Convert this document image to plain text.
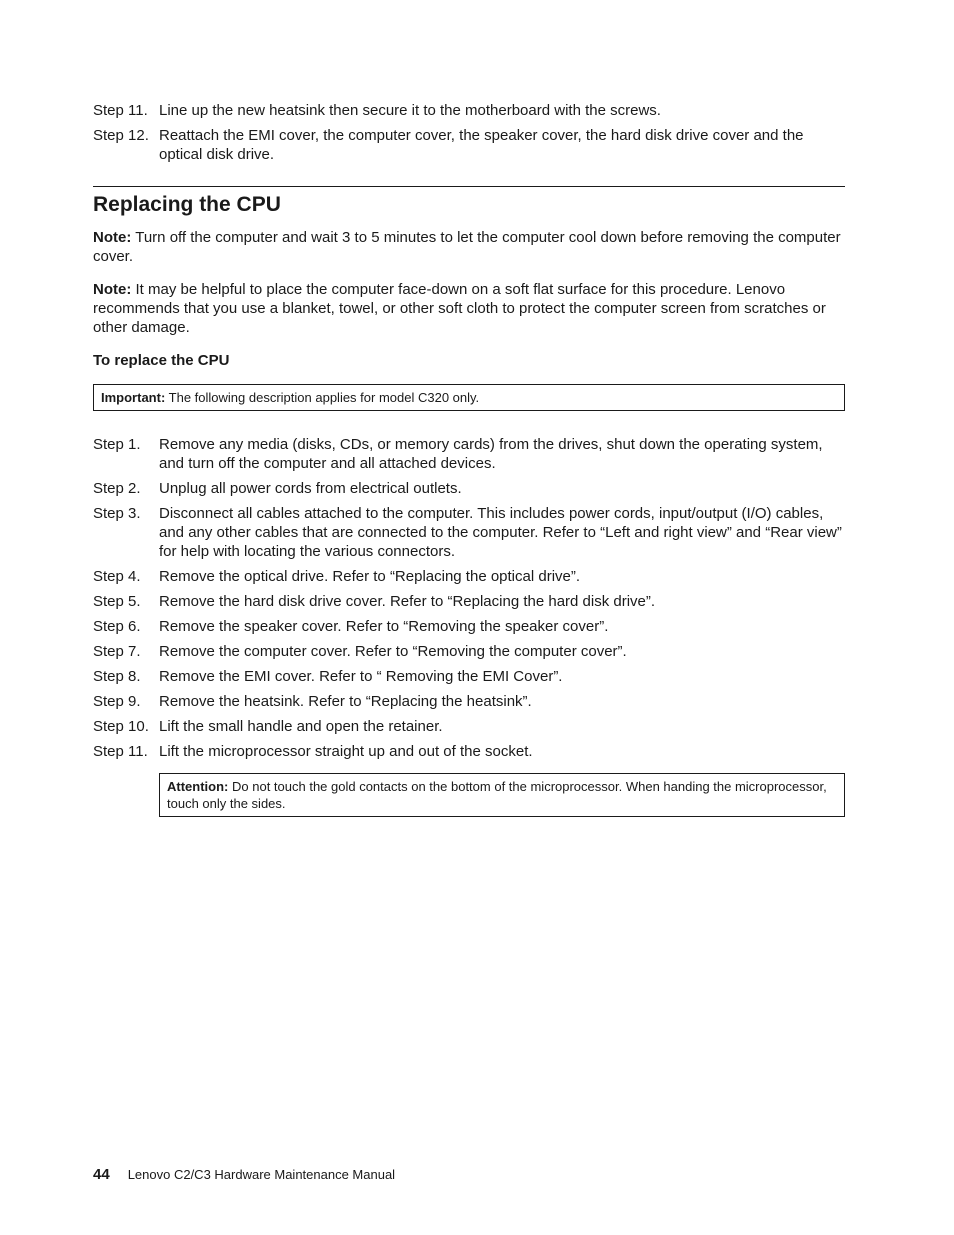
Step 11. Line up the new heatsink then secure it to the motherboard with the screws.
Step 12. Reattach the EMI cover, the computer cover, the speaker cover, the hard disk drive cover and the optical disk drive.
Replacing the CPU

Note: Turn off the computer and wait 3 to 5 minutes to let the computer cool down before removing the computer cover.

Note: It may be helpful to place the computer face-down on a soft flat surface for this procedure. Lenovo recommends that you use a blanket, towel, or other soft cloth to protect the computer screen from scratches or other damage.

To replace the CPU

Important: The following description applies for model C320 only.
Step 1.	Remove any media (disks, CDs, or memory cards) from the drives, shut down the operating system, and turn off the computer and all attached devices.
Step 2.	Unplug all power cords from electrical outlets.
Step 3.	Disconnect all cables attached to the computer. This includes power cords, input/output (I/O) cables, and any other cables that are connected to the computer. Refer to “Left and right view” and “Rear view” for help with locating the various connectors.
Step 4.	Remove the optical drive. Refer to “Replacing the optical drive”.
Step 5.	Remove the hard disk drive cover. Refer to “Replacing the hard disk drive”.
Step 6.	Remove the speaker cover. Refer to “Removing the speaker cover”.
Step 7.	Remove the computer cover. Refer to “Removing the computer cover”.
Step 8.	Remove the EMI cover. Refer to “ Removing the EMI Cover”.
Step 9.	Remove the heatsink. Refer to “Replacing the heatsink”.
Step 10. Lift the small handle and open the retainer.
Step 11. Lift the microprocessor straight up and out of the socket.
Attention: Do not touch the gold contacts on the bottom of the microprocessor. When handing the microprocessor, touch only the sides.
44 Lenovo C2/C3 Hardware Maintenance Manual
